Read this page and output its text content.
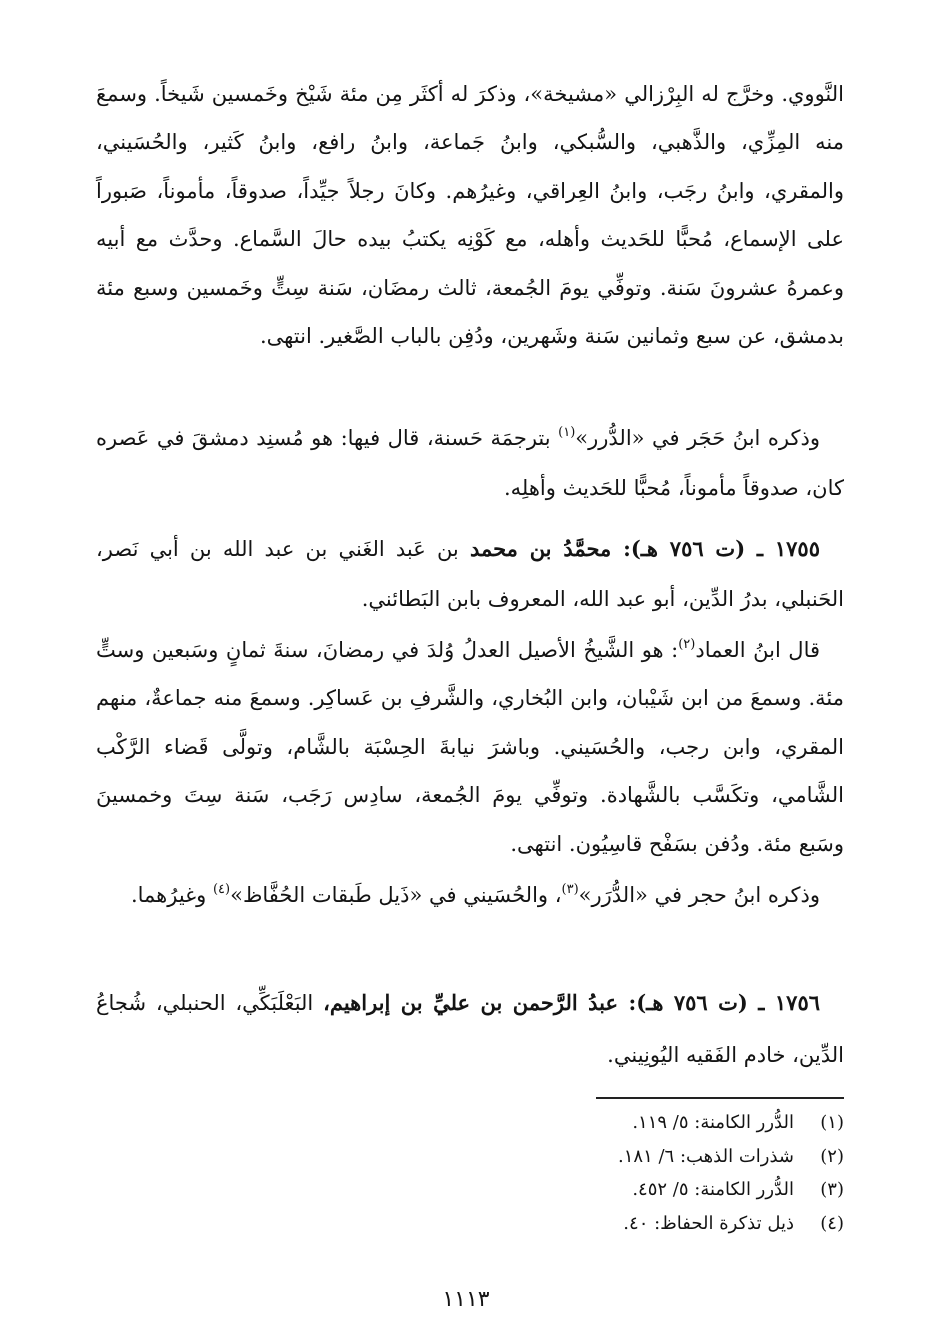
النَّووي. وخرَّج له البِرْزالي «مشيخة»، وذكرَ له أكثَر مِن مئة شَيْخ وخَمسين شَيخاً. وسمعَ منه المِزِّي، والذَّهبي، والسُّبكي، وابنُ جَماعة، وابنُ رافع، وابنُ كَثير، والحُسَيني، والمقري، وابنُ رجَب، وابنُ العِراقي، وغيرُهم. وكانَ رجلاً جيِّداً، صدوقاً، مأموناً، صَبوراً على الإسماع، مُحبًّا للحَديث وأهله، مع كَوْنِه يكتبُ بيده حالَ السَّماع. وحدَّث مع أبيه وعمرهُ عشرونَ سَنة. وتوفِّي يومَ الجُمعة، ثالث رمضَان، سَنة سِتٍّ وخَمسين وسبع مئة بدمشق، عن سبع وثمانين سَنة وشَهرين، ودُفِن بالباب الصَّغير. انتهى.
وذكره ابنُ حَجَر في «الدُّرر»$^{(١)}$ بترجمَة حَسنة، قال فيها: هو مُسنِد دمشقَ في عَصره كان، صدوقاً مأموناً، مُحبًّا للحَديث وأهلِه.
١٧٥٥ ـ (ت ٧٥٦ هـ): محمَّدُ بن محمد بن عَبد الغَني بن عبد الله بن أبي نَصر، الحَنبلي، بدرُ الدِّين، أبو عبد الله، المعروف بابن البَطائني.
قال ابنُ العماد$^{(٢)}$: هو الشَّيخُ الأصيل العدلُ وُلدَ في رمضانَ، سنةَ ثمانٍ وسَبعين وستٍّ مئة. وسمعَ من ابن شَيْبان، وابن البُخاري، والشَّرفِ بن عَساكِر. وسمعَ منه جماعةٌ، منهم المقري، وابن رجب، والحُسَيني. وباشرَ نيابةَ الحِسْبَة بالشَّام، وتولَّى قَضاء الرَّكْب الشَّامي، وتكَسَّب بالشَّهادة. وتوفِّي يومَ الجُمعة، سادِس رَجَب، سَنة سِتَ وخمسينَ وسَبع مئة. ودُفن بسَفْح قاسِيُون. انتهى.
وذكره ابنُ حجر في «الدُّرَر»$^{(٣)}$، والحُسَيني في «ذَيل طَبقات الحُفَّاظ»$^{(٤)}$ وغيرُهما.
١٧٥٦ ـ (ت ٧٥٦ هـ): عبدُ الرَّحمن بن عليِّ بن إبراهيم، البَعْلَبَكِّي، الحنبلي، شُجاعُ الدِّين، خادم الفَقيه اليُونِيني.
(١)الدُّرر الكامنة: ٥/ ١١٩.
(٢)شذرات الذهب: ٦/ ١٨١.
(٣)الدُّرر الكامنة: ٥/ ٤٥٢.
(٤)ذيل تذكرة الحفاظ: ٤٠.
١١١٣
